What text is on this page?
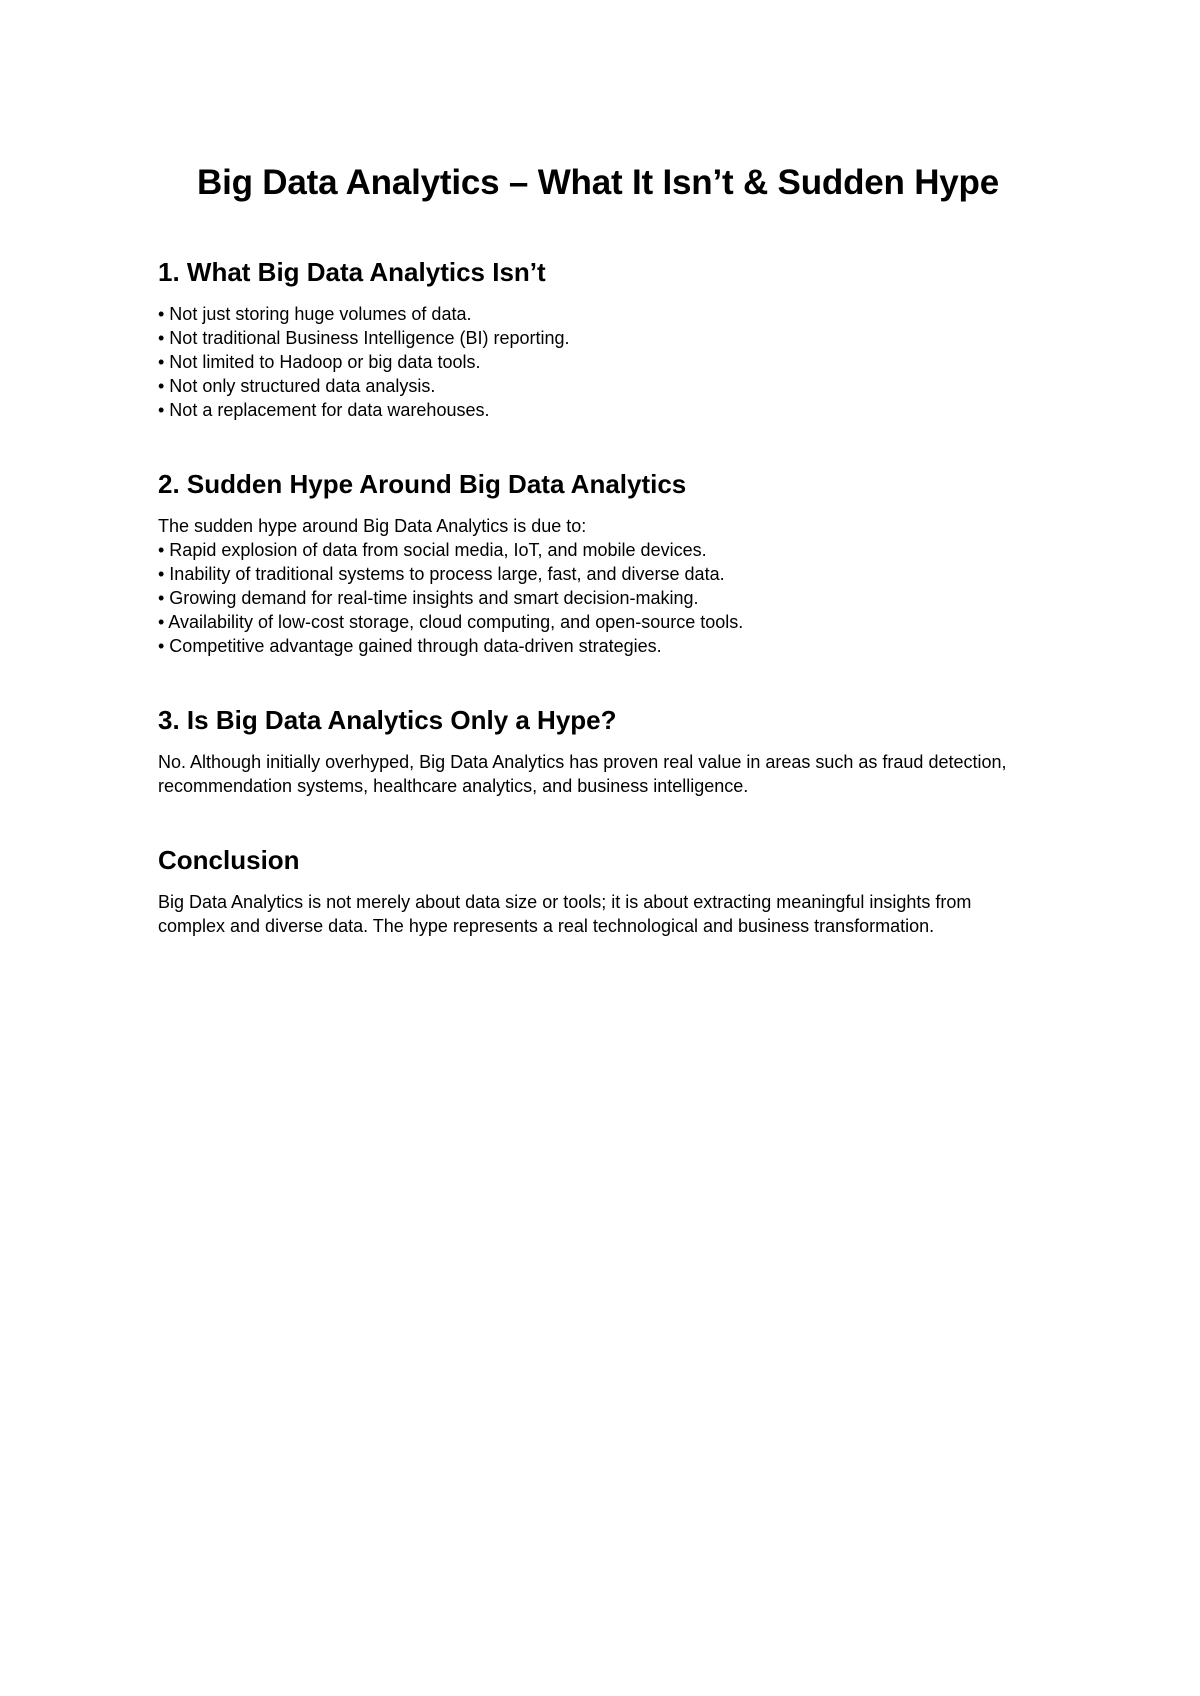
Big Data Analytics – What It Isn’t & Sudden Hype
1. What Big Data Analytics Isn’t
• Not just storing huge volumes of data.
• Not traditional Business Intelligence (BI) reporting.
• Not limited to Hadoop or big data tools.
• Not only structured data analysis.
• Not a replacement for data warehouses.
2. Sudden Hype Around Big Data Analytics

The sudden hype around Big Data Analytics is due to:

• Rapid explosion of data from social media, IoT, and mobile devices.
• Inability of traditional systems to process large, fast, and diverse data.
• Growing demand for real-time insights and smart decision-making.
• Availability of low-cost storage, cloud computing, and open-source tools.
• Competitive advantage gained through data-driven strategies.
3. Is Big Data Analytics Only a Hype?

No. Although initially overhyped, Big Data Analytics has proven real value in areas such as fraud detection, recommendation systems, healthcare analytics, and business intelligence.

Conclusion

Big Data Analytics is not merely about data size or tools; it is about extracting meaningful insights from complex and diverse data. The hype represents a real technological and business transformation.
